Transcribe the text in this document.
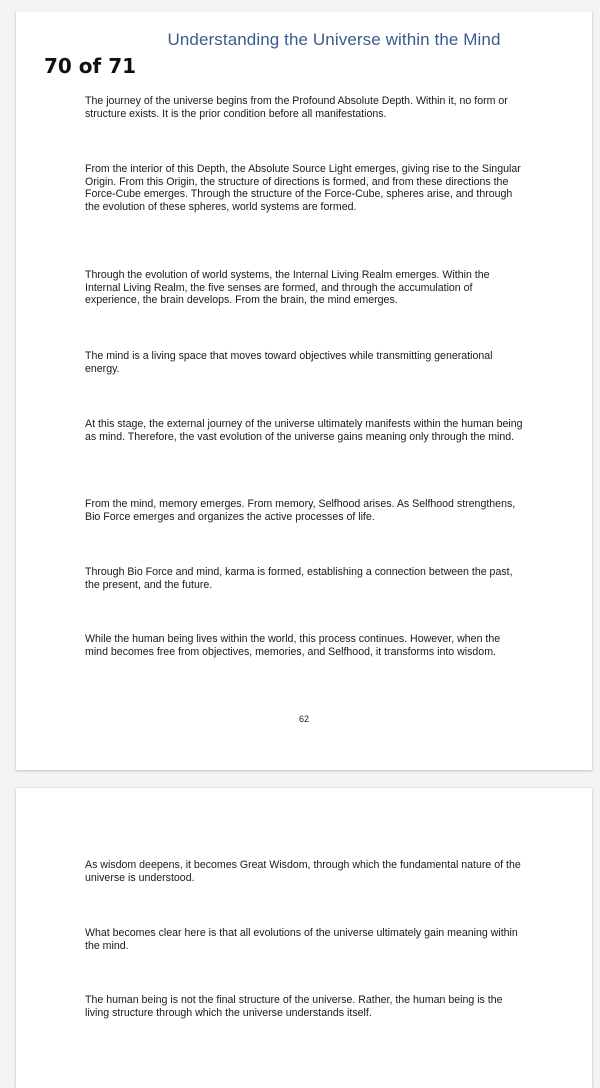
Understanding the Universe within the Mind
70 of 71

The journey of the universe begins from the Profound Absolute Depth. Within it, no form or structure exists. It is the prior condition before all manifestations.

From the interior of this Depth, the Absolute Source Light emerges, giving rise to the Singular Origin. From this Origin, the structure of directions is formed, and from these directions the Force-Cube emerges. Through the structure of the Force-Cube, spheres arise, and through the evolution of these spheres, world systems are formed.

Through the evolution of world systems, the Internal Living Realm emerges. Within the Internal Living Realm, the five senses are formed, and through the accumulation of experience, the brain develops. From the brain, the mind emerges.

The mind is a living space that moves toward objectives while transmitting generational energy.

At this stage, the external journey of the universe ultimately manifests within the human being as mind. Therefore, the vast evolution of the universe gains meaning only through the mind.

From the mind, memory emerges. From memory, Selfhood arises. As Selfhood strengthens, Bio Force emerges and organizes the active processes of life.

Through Bio Force and mind, karma is formed, establishing a connection between the past, the present, and the future.

While the human being lives within the world, this process continues. However, when the mind becomes free from objectives, memories, and Selfhood, it transforms into wisdom.

62

As wisdom deepens, it becomes Great Wisdom, through which the fundamental nature of the universe is understood.

What becomes clear here is that all evolutions of the universe ultimately gain meaning within the mind.

The human being is not the final structure of the universe. Rather, the human being is the living structure through which the universe understands itself.
